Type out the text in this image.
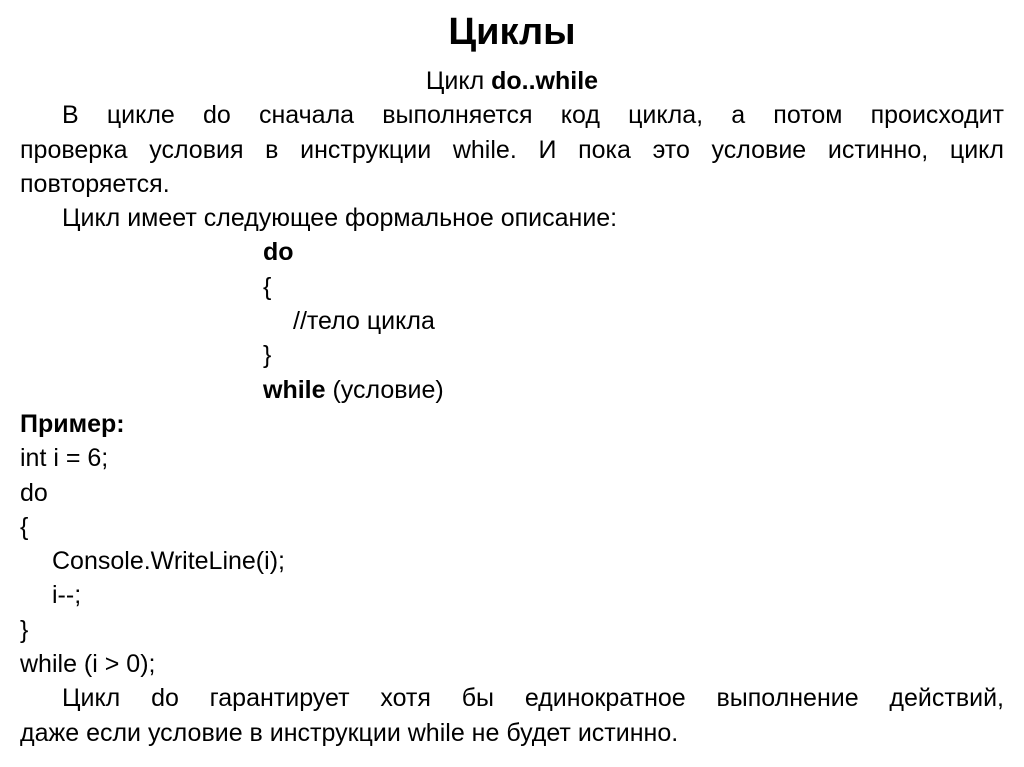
Циклы
Цикл do..while
В цикле do сначала выполняется код цикла, а потом происходит
проверка условия в инструкции while. И пока это условие истинно, цикл
повторяется.
Цикл имеет следующее формальное описание:
do
{
//тело цикла
}
while (условие)
Пример:
int i = 6;
do
{
Console.WriteLine(i);
i--;
}
while (i > 0);
Цикл do гарантирует хотя бы единократное выполнение действий,
даже если условие в инструкции while не будет истинно.
